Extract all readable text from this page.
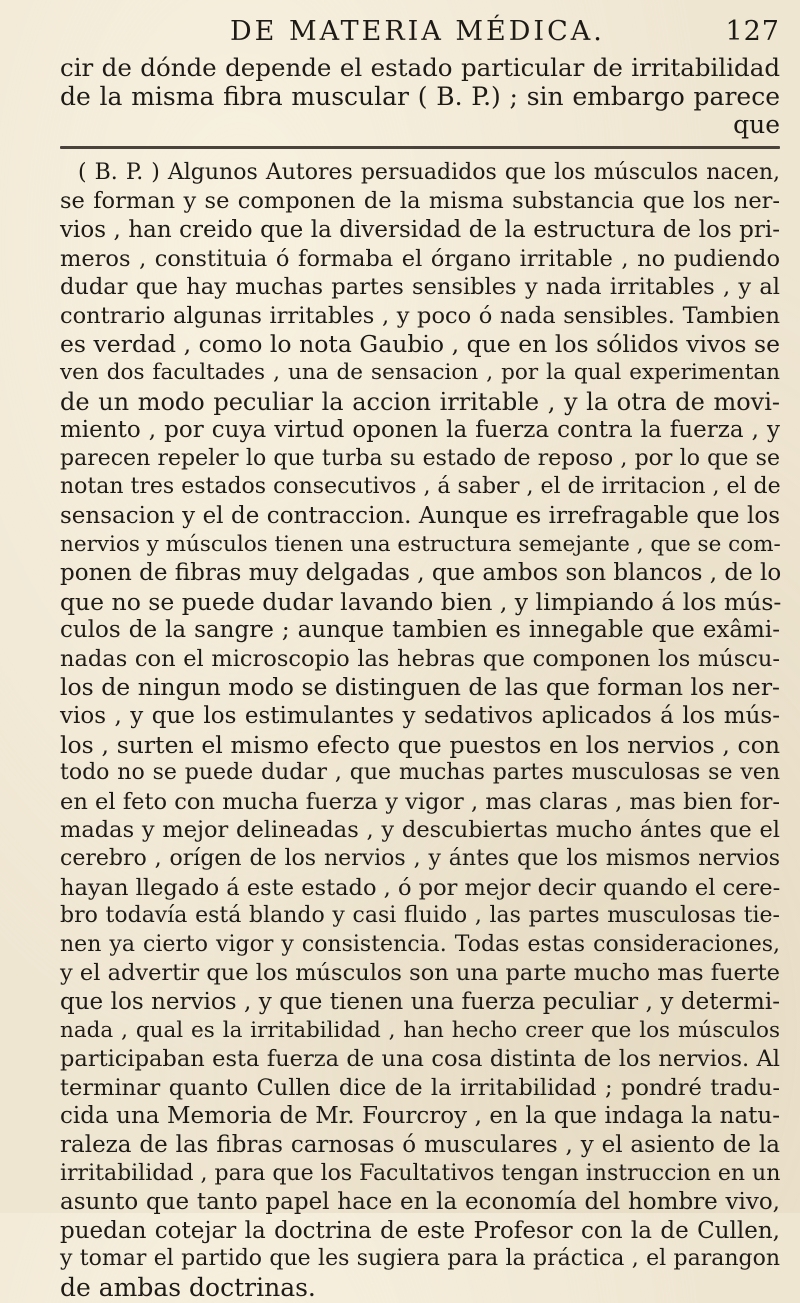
DE MATERIA MÉDICA.	127
cir de dónde depende el estado particular de irritabilidad
de la misma fibra muscular ( B. P.) ; sin embargo parece
que
( B. P. ) Algunos Autores persuadidos que los músculos nacen,
se forman y se componen de la misma substancia que los ner-
vios , han creido que la diversidad de la estructura de los pri-
meros , constituia ó formaba el órgano irritable , no pudiendo
dudar que hay muchas partes sensibles y nada irritables , y al
contrario algunas irritables , y poco ó nada sensibles. Tambien
es verdad , como lo nota Gaubio , que en los sólidos vivos se
ven dos facultades , una de sensacion , por la qual experimentan
de un modo peculiar la accion irritable , y la otra de movi-
miento , por cuya virtud oponen la fuerza contra la fuerza , y
parecen repeler lo que turba su estado de reposo , por lo que se
notan tres estados consecutivos , á saber , el de irritacion , el de
sensacion y el de contraccion. Aunque es irrefragable que los
nervios y músculos tienen una estructura semejante , que se com-
ponen de fibras muy delgadas , que ambos son blancos , de lo
que no se puede dudar lavando bien , y limpiando á los mús-
culos de la sangre ; aunque tambien es innegable que exâmi-
nadas con el microscopio las hebras que componen los múscu-
los de ningun modo se distinguen de las que forman los ner-
vios , y que los estimulantes y sedativos aplicados á los mús-
los , surten el mismo efecto que puestos en los nervios , con
todo no se puede dudar , que muchas partes musculosas se ven
en el feto con mucha fuerza y vigor , mas claras , mas bien for-
madas y mejor delineadas , y descubiertas mucho ántes que el
cerebro , orígen de los nervios , y ántes que los mismos nervios
hayan llegado á este estado , ó por mejor decir quando el cere-
bro todavía está blando y casi fluido , las partes musculosas tie-
nen ya cierto vigor y consistencia. Todas estas consideraciones,
y el advertir que los músculos son una parte mucho mas fuerte
que los nervios , y que tienen una fuerza peculiar , y determi-
nada , qual es la irritabilidad , han hecho creer que los músculos
participaban esta fuerza de una cosa distinta de los nervios. Al
terminar quanto Cullen dice de la irritabilidad ; pondré tradu-
cida una Memoria de Mr. Fourcroy , en la que indaga la natu-
raleza de las fibras carnosas ó musculares , y el asiento de la
irritabilidad , para que los Facultativos tengan instruccion en un
asunto que tanto papel hace en la economía del hombre vivo,
puedan cotejar la doctrina de este Profesor con la de Cullen,
y tomar el partido que les sugiera para la práctica , el parangon
de ambas doctrinas.
